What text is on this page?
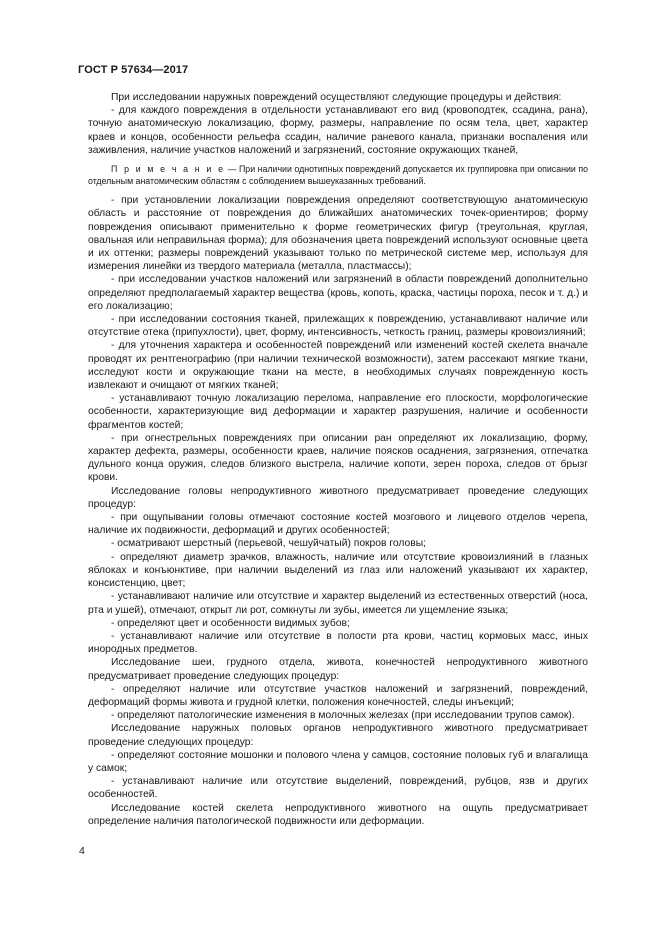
ГОСТ Р 57634—2017

При исследовании наружных повреждений осуществляют следующие процедуры и действия:

- для каждого повреждения в отдельности устанавливают его вид (кровоподтек, ссадина, рана), точную анатомическую локализацию, форму, размеры, направление по осям тела, цвет, характер краев и концов, особенности рельефа ссадин, наличие раневого канала, признаки воспаления или заживления, наличие участков наложений и загрязнений, состояние окружающих тканей,

П р и м е ч а н и е — При наличии однотипных повреждений допускается их группировка при описании по отдельным анатомическим областям с соблюдением вышеуказанных требований.

- при установлении локализации повреждения определяют соответствующую анатомическую область и расстояние от повреждения до ближайших анатомических точек-ориентиров; форму повреждения описывают применительно к форме геометрических фигур (треугольная, круглая, овальная или неправильная форма); для обозначения цвета повреждений используют основные цвета и их оттенки; размеры повреждений указывают только по метрической системе мер, используя для измерения линейки из твердого материала (металла, пластмассы);

- при исследовании участков наложений или загрязнений в области повреждений дополнительно определяют предполагаемый характер вещества (кровь, копоть, краска, частицы пороха, песок и т. д.) и его локализацию;

- при исследовании состояния тканей, прилежащих к повреждению, устанавливают наличие или отсутствие отека (припухлости), цвет, форму, интенсивность, четкость границ, размеры кровоизлияний;

- для уточнения характера и особенностей повреждений или изменений костей скелета вначале проводят их рентгенографию (при наличии технической возможности), затем рассекают мягкие ткани, исследуют кости и окружающие ткани на месте, в необходимых случаях поврежденную кость извлекают и очищают от мягких тканей;

- устанавливают точную локализацию перелома, направление его плоскости, морфологические особенности, характеризующие вид деформации и характер разрушения, наличие и особенности фрагментов костей;

- при огнестрельных повреждениях при описании ран определяют их локализацию, форму, характер дефекта, размеры, особенности краев, наличие поясков осаднения, загрязнения, отпечатка дульного конца оружия, следов близкого выстрела, наличие копоти, зерен пороха, следов от брызг крови.

Исследование головы непродуктивного животного предусматривает проведение следующих процедур:

- при ощупывании головы отмечают состояние костей мозгового и лицевого отделов черепа, наличие их подвижности, деформаций и других особенностей;

- осматривают шерстный (перьевой, чешуйчатый) покров головы;

- определяют диаметр зрачков, влажность, наличие или отсутствие кровоизлияний в глазных яблоках и конъюнктиве, при наличии выделений из глаз или наложений указывают их характер, консистенцию, цвет;

- устанавливают наличие или отсутствие и характер выделений из естественных отверстий (носа, рта и ушей), отмечают, открыт ли рот, сомкнуты ли зубы, имеется ли ущемление языка;

- определяют цвет и особенности видимых зубов;

- устанавливают наличие или отсутствие в полости рта крови, частиц кормовых масс, иных инородных предметов.

Исследование шеи, грудного отдела, живота, конечностей непродуктивного животного предусматривает проведение следующих процедур:

- определяют наличие или отсутствие участков наложений и загрязнений, повреждений, деформаций формы живота и грудной клетки, положения конечностей, следы инъекций;

- определяют патологические изменения в молочных железах (при исследовании трупов самок).

Исследование наружных половых органов непродуктивного животного предусматривает проведение следующих процедур:

- определяют состояние мошонки и полового члена у самцов, состояние половых губ и влагалища у самок;

- устанавливают наличие или отсутствие выделений, повреждений, рубцов, язв и других особенностей.

Исследование костей скелета непродуктивного животного на ощупь предусматривает определение наличия патологической подвижности или деформации.

4
